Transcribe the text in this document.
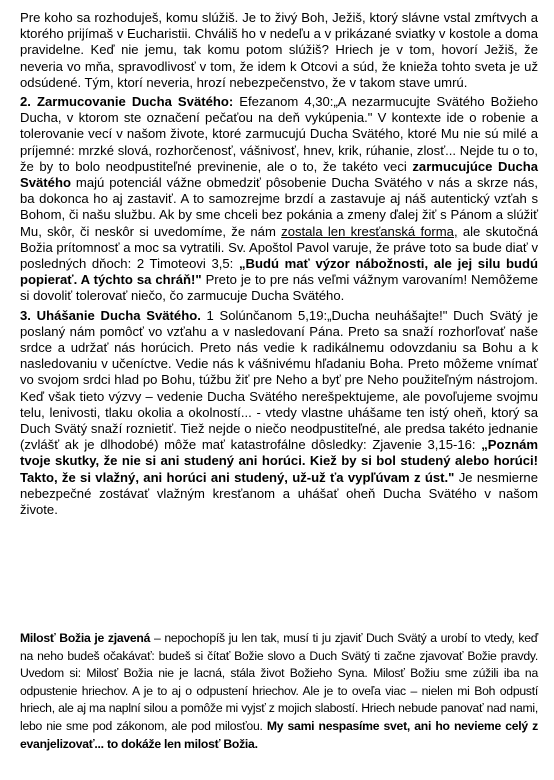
Pre koho sa rozhoduješ, komu slúžiš. Je to živý Boh, Ježiš, ktorý slávne vstal zmŕtvych a ktorého prijímaš v Eucharistii. Chváliš ho v nedeľu a v prikázané sviatky v kostole a doma pravidelne. Keď nie jemu, tak komu potom slúžiš? Hriech je v tom, hovorí Ježiš, že neveria vo mňa, spravodlivosť v tom, že idem k Otcovi a súd, že knieža tohto sveta je už odsúdené. Tým, ktorí neveria, hrozí nebezpečenstvo, že v takom stave umrú.

2. Zarmucovanie Ducha Svätého: Efezanom 4,30:„A nezarmucujte Svätého Božieho Ducha, v ktorom ste označení pečaťou na deň vykúpenia." V kontexte ide o robenie a tolerovanie vecí v našom živote, ktoré zarmucujú Ducha Svätého, ktoré Mu nie sú milé a príjemné: mrzké slová, rozhorčenosť, vášnivosť, hnev, krik, rúhanie, zlosť... Nejde tu o to, že by to bolo neodpustiteľné previnenie, ale o to, že takéto veci zarmucujúce Ducha Svätého majú potenciál vážne obmedziť pôsobenie Ducha Svätého v nás a skrze nás, ba dokonca ho aj zastaviť. A to samozrejme brzdí a zastavuje aj náš autentický vzťah s Bohom, či našu službu. Ak by sme chceli bez pokánia a zmeny ďalej žiť s Pánom a slúžiť Mu, skôr, či neskôr si uvedomíme, že nám zostala len kresťanská forma, ale skutočná Božia prítomnosť a moc sa vytratili. Sv. Apoštol Pavol varuje, že práve toto sa bude diať v posledných dňoch: 2 Timoteovi 3,5: „Budú mať výzor nábožnosti, ale jej silu budú popierať. A týchto sa chráň!" Preto je to pre nás veľmi vážnym varovaním! Nemôžeme si dovoliť tolerovať niečo, čo zarmucuje Ducha Svätého.

3. Uhášanie Ducha Svätého. 1 Solúnčanom 5,19:„Ducha neuhášajte!" Duch Svätý je poslaný nám pomôcť vo vzťahu a v nasledovaní Pána. Preto sa snaží rozhorľovať naše srdce a udržať nás horúcich. Preto nás vedie k radikálnemu odovzdaniu sa Bohu a k nasledovaniu v učeníctve. Vedie nás k vášnivému hľadaniu Boha. Preto môžeme vnímať vo svojom srdci hlad po Bohu, túžbu žiť pre Neho a byť pre Neho použiteľným nástrojom. Keď však tieto výzvy – vedenie Ducha Svätého nerešpektujeme, ale povoľujeme svojmu telu, lenivosti, tlaku okolia a okolností... - vtedy vlastne uhášame ten istý oheň, ktorý sa Duch Svätý snaží roznietiť. Tiež nejde o niečo neodpustiteľné, ale predsa takéto jednanie (zvlášť ak je dlhodobé) môže mať katastrofálne dôsledky: Zjavenie 3,15-16: „Poznám tvoje skutky, že nie si ani studený ani horúci. Kiež by si bol studený alebo horúci! Takto, že si vlažný, ani horúci ani studený, už-už ťa vypľúvam z úst." Je nesmierne nebezpečné zostávať vlažným kresťanom a uhášať oheň Ducha Svätého v našom živote.

Milosť Božia je zjavená – nepochopíš ju len tak, musí ti ju zjaviť Duch Svätý a urobí to vtedy, keď na neho budeš očakávať: budeš si čítať Božie slovo a Duch Svätý ti začne zjavovať Božie pravdy. Uvedom si: Milosť Božia nie je lacná, stála život Božieho Syna. Milosť Božiu sme zúžili iba na odpustenie hriechov. A je to aj o odpustení hriechov. Ale je to oveľa viac – nielen mi Boh odpustí hriech, ale aj ma naplní silou a pomôže mi vyjsť z mojich slabostí. Hriech nebude panovať nad nami, lebo nie sme pod zákonom, ale pod milosťou. My sami nespasíme svet, ani ho nevieme celý z evanjelizovať... to dokáže len milosť Božia.
